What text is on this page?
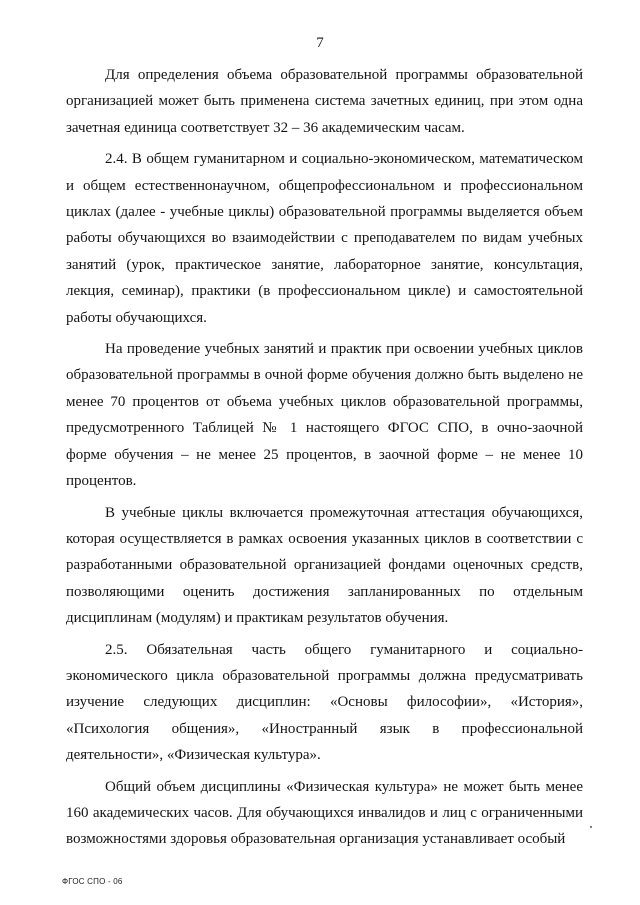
7

Для определения объема образовательной программы образовательной организацией может быть применена система зачетных единиц, при этом одна зачетная единица соответствует 32 – 36 академическим часам.

2.4. В общем гуманитарном и социально-экономическом, математическом и общем естественнонаучном, общепрофессиональном и профессиональном циклах (далее - учебные циклы) образовательной программы выделяется объем работы обучающихся во взаимодействии с преподавателем по видам учебных занятий (урок, практическое занятие, лабораторное занятие, консультация, лекция, семинар), практики (в профессиональном цикле) и самостоятельной работы обучающихся.

На проведение учебных занятий и практик при освоении учебных циклов образовательной программы в очной форме обучения должно быть выделено не менее 70 процентов от объема учебных циклов образовательной программы, предусмотренного Таблицей № 1 настоящего ФГОС СПО, в очно-заочной форме обучения – не менее 25 процентов, в заочной форме – не менее 10 процентов.

В учебные циклы включается промежуточная аттестация обучающихся, которая осуществляется в рамках освоения указанных циклов в соответствии с разработанными образовательной организацией фондами оценочных средств, позволяющими оценить достижения запланированных по отдельным дисциплинам (модулям) и практикам результатов обучения.

2.5. Обязательная часть общего гуманитарного и социально-экономического цикла образовательной программы должна предусматривать изучение следующих дисциплин: «Основы философии», «История», «Психология общения», «Иностранный язык в профессиональной деятельности», «Физическая культура».

Общий объем дисциплины «Физическая культура» не может быть менее 160 академических часов. Для обучающихся инвалидов и лиц с ограниченными возможностями здоровья образовательная организация устанавливает особый

ФГОС СПО - 06
